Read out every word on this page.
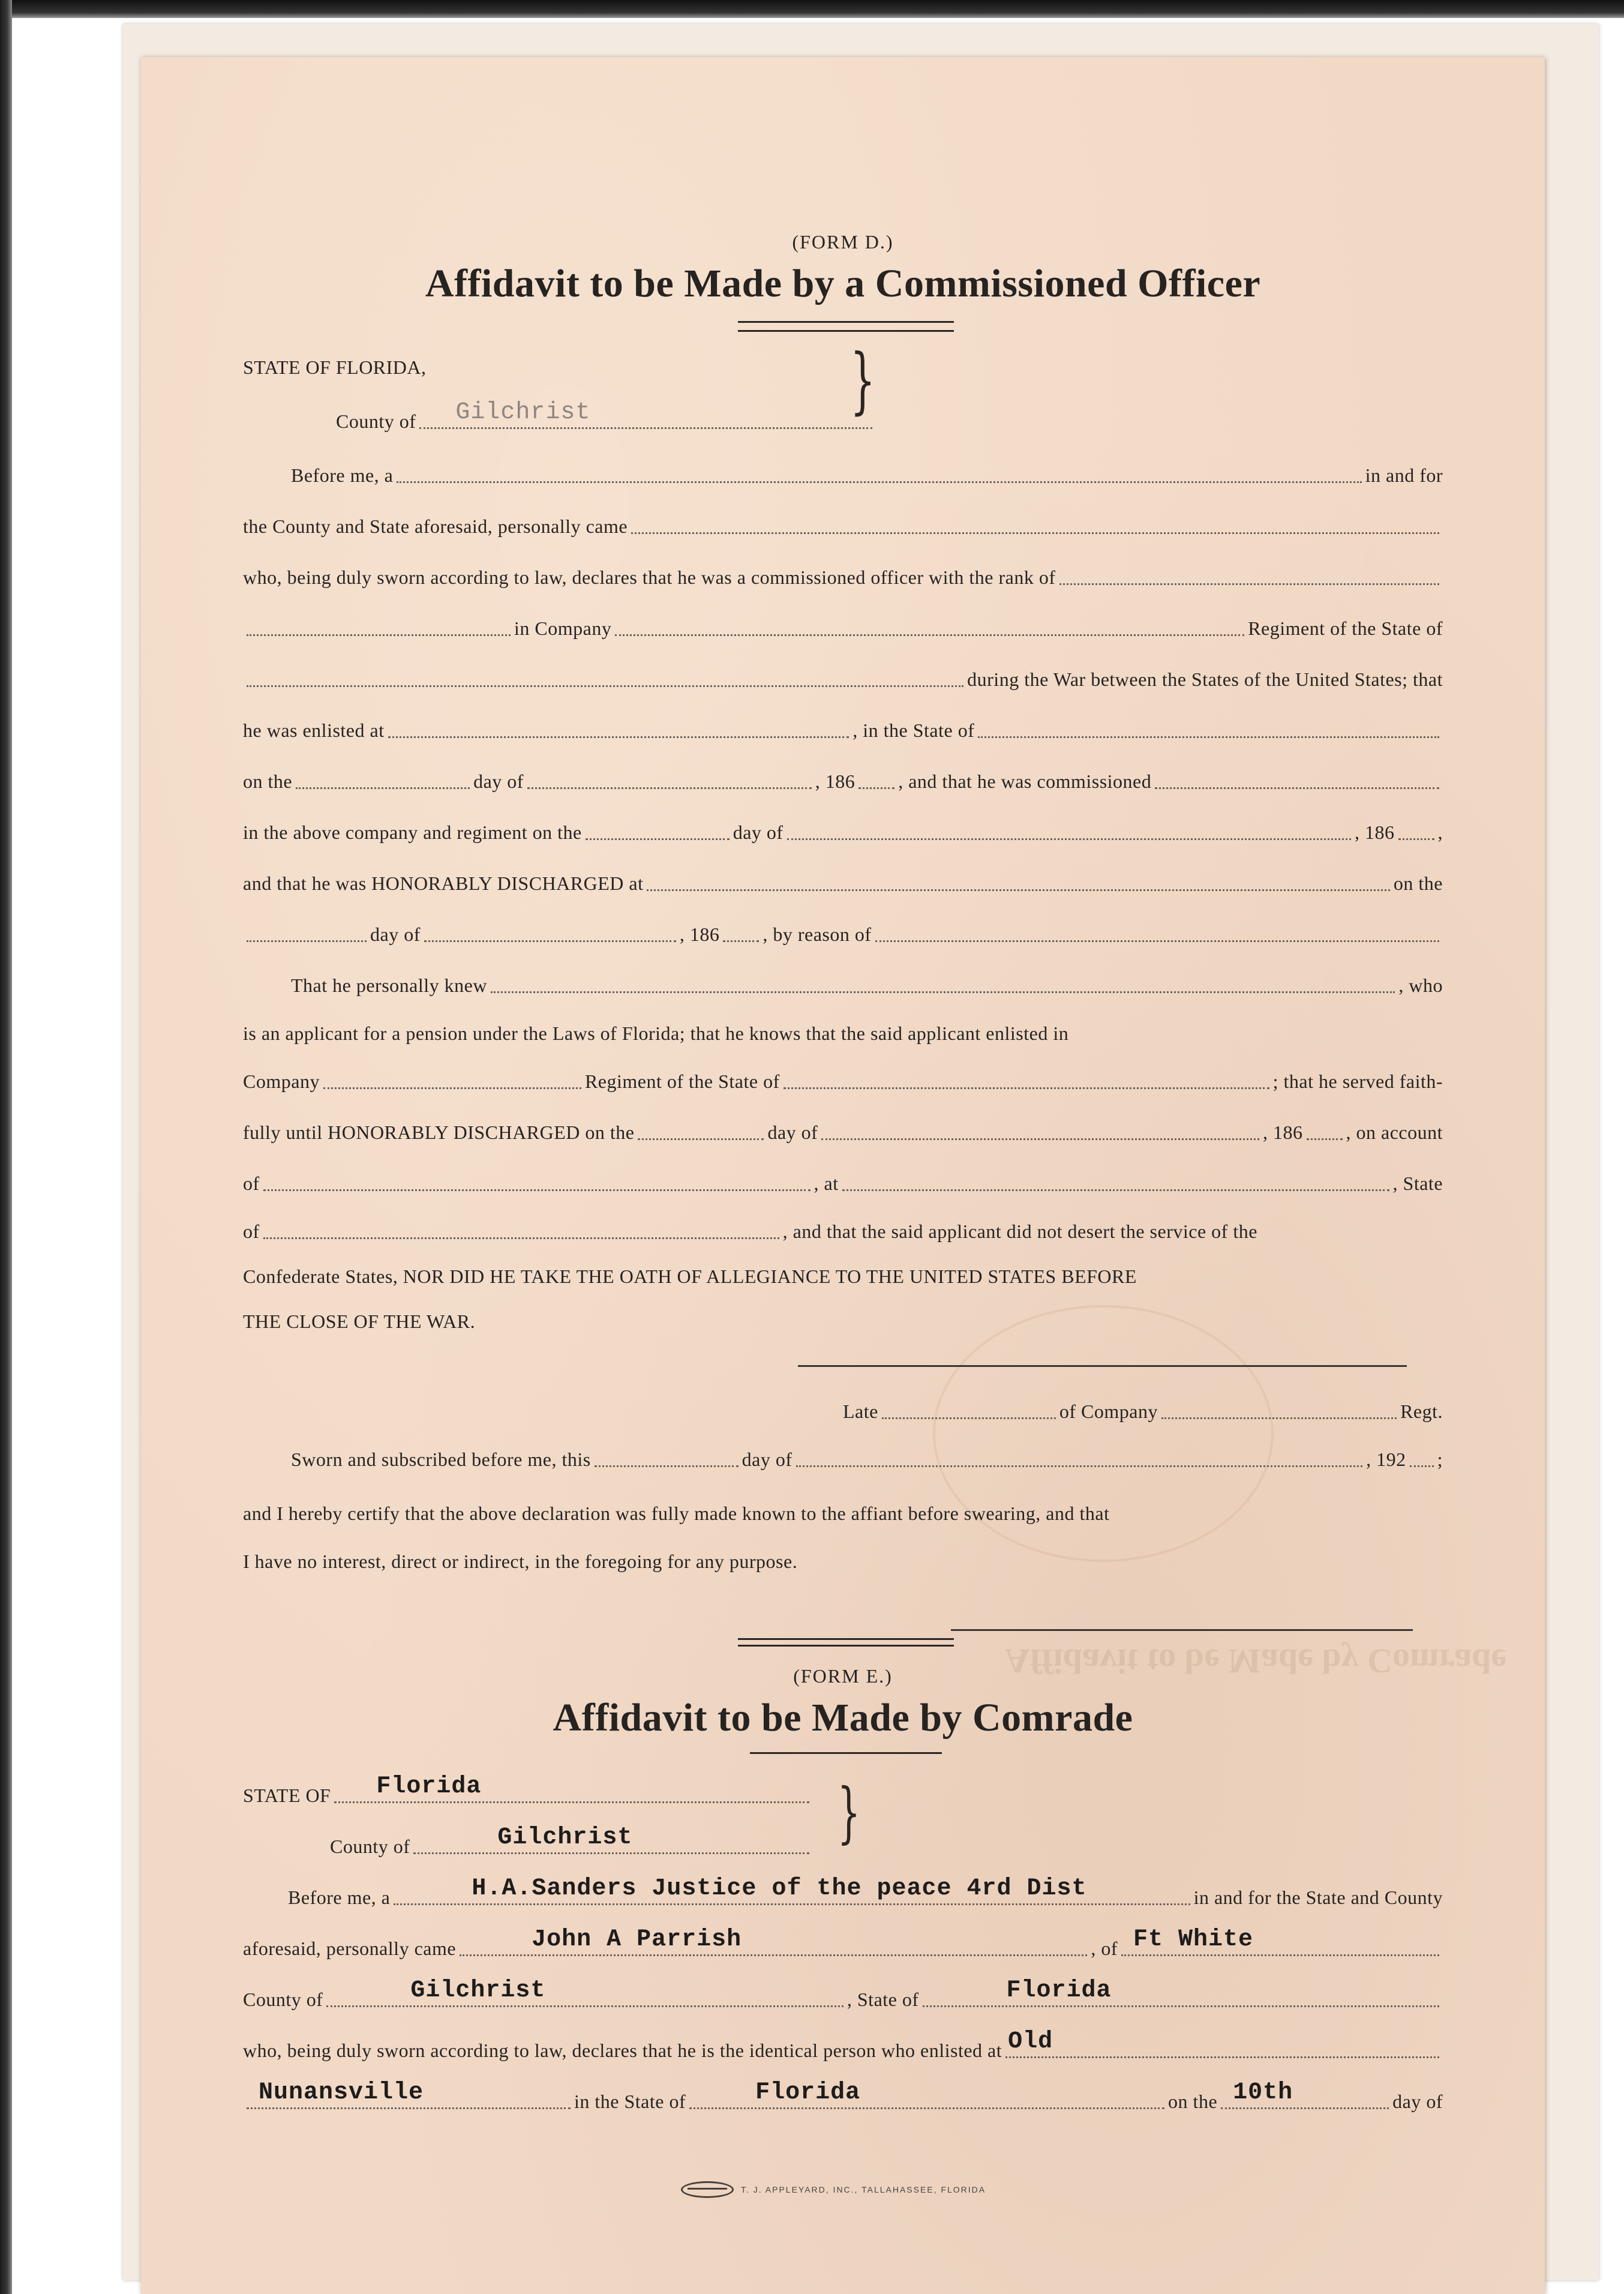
Affidavit to be Made by Comrade
(FORM D.)
Affidavit to be Made by a Commissioned Officer
STATE OF FLORIDA,
County of Gilchrist	}
Before me, a	in and for
the County and State aforesaid, personally came
who, being duly sworn according to law, declares that he was a commissioned officer with the rank of
in Company	Regiment of the State of
during the War between the States of the United States; that
he was enlisted at	, in the State of
on the	day of	, 186 , and that he was commissioned
in the above company and regiment on the	day of	, 186 ,
and that he was HONORABLY DISCHARGED at	on the
day of	, 186 , by reason of
That he personally knew	, who
is an applicant for a pension under the Laws of Florida; that he knows that the said applicant enlisted in
Company	Regiment of the State of	; that he served faith-
fully until HONORABLY DISCHARGED on the	day of	, 186 , on account
of	, at	, State
of	, and that the said applicant did not desert the service of the
Confederate States, NOR DID HE TAKE THE OATH OF ALLEGIANCE TO THE UNITED STATES BEFORE
THE CLOSE OF THE WAR.
Late	of Company	Regt.
Sworn and subscribed before me, this	day of	, 192 ;
and I hereby certify that the above declaration was fully made known to the affiant before swearing, and that
I have no interest, direct or indirect, in the foregoing for any purpose.
(FORM E.)
Affidavit to be Made by Comrade
STATE OF Florida
County of	Gilchrist	}
Before me, a	H.A.Sanders Justice of the peace 4rd Dist	in and for the State and County
aforesaid, personally came	John A Parrish	, of Ft White
County of	Gilchrist	, State of	Florida
who, being duly sworn according to law, declares that he is the identical person who enlisted at Old
Nunansville	in the State of	Florida	on the 10th	day of
T. J. APPLEYARD, INC., TALLAHASSEE, FLORIDA
